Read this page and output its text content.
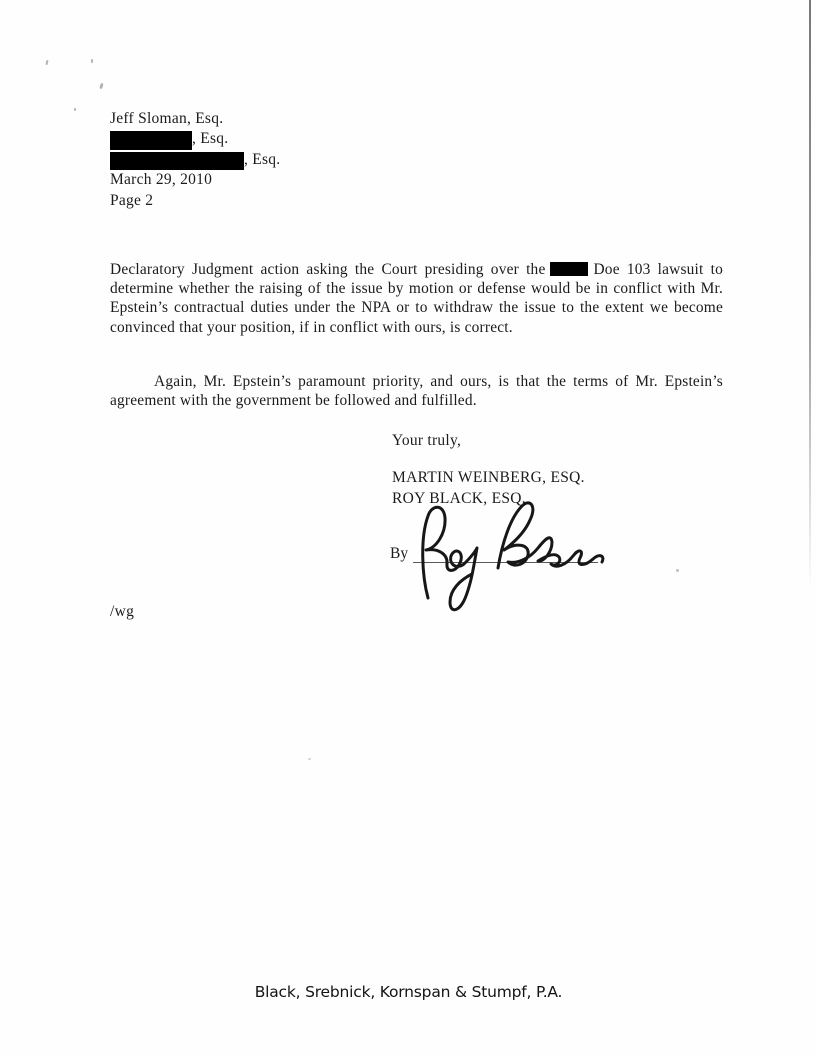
Jeff Sloman, Esq.
, Esq.
, Esq.
March 29, 2010
Page 2

Declaratory Judgment action asking the Court presiding over the	Doe 103 lawsuit to determine whether the raising of the issue by motion or defense would be in conflict with Mr. Epstein’s contractual duties under the NPA or to withdraw the issue to the extent we become convinced that your position, if in conflict with ours, is correct.

Again, Mr. Epstein’s paramount priority, and ours, is that the terms of Mr. Epstein’s agreement with the government be followed and fulfilled.

Your truly,
MARTIN WEINBERG, ESQ.
ROY BLACK, ESQ.
By
/wg
Black, Srebnick, Kornspan & Stumpf, P.A.
